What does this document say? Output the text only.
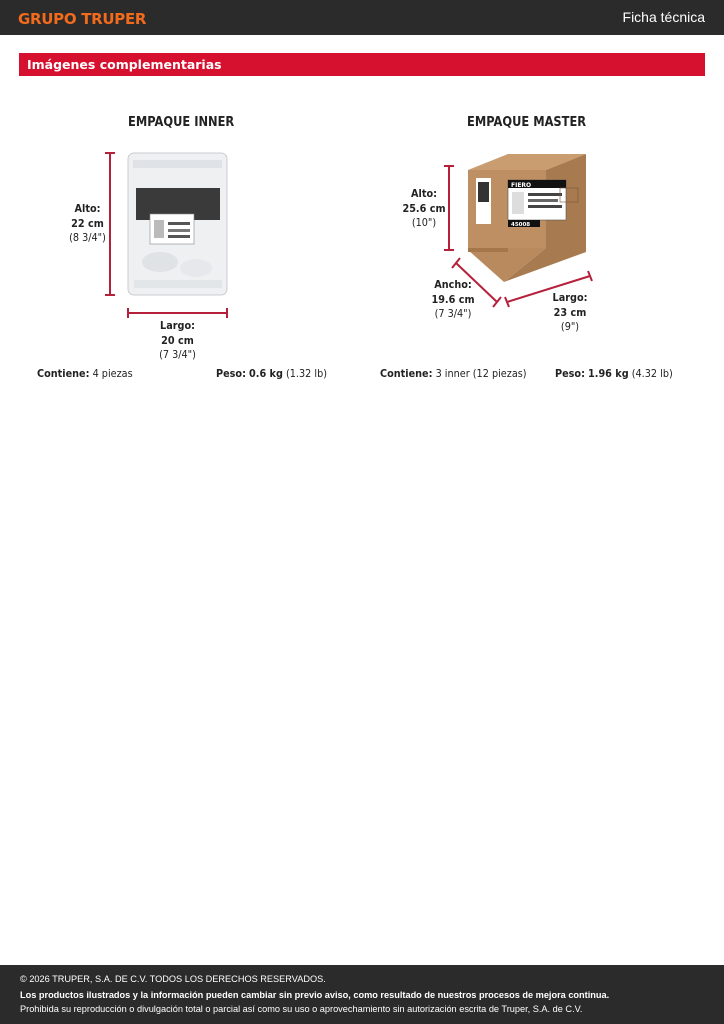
GRUPO TRUPER	Ficha técnica
Imágenes complementarias
EMPAQUE INNER	EMPAQUE MASTER
FIERO
45008
Alto:
22 cm
(8 3/4")
Largo:
20 cm
(7 3/4")
Alto:
25.6 cm
(10")
Ancho:
19.6 cm
(7 3/4")
Largo:
23 cm
(9")
Contiene: 4 piezas	Peso: 0.6 kg (1.32 lb)	Contiene: 3 inner (12 piezas)	Peso: 1.96 kg (4.32 lb)
© 2026 TRUPER, S.A. DE C.V. TODOS LOS DERECHOS RESERVADOS.
Los productos ilustrados y la información pueden cambiar sin previo aviso, como resultado de nuestros procesos de mejora continua.
Prohibida su reproducción o divulgación total o parcial así como su uso o aprovechamiento sin autorización escrita de Truper, S.A. de C.V.
